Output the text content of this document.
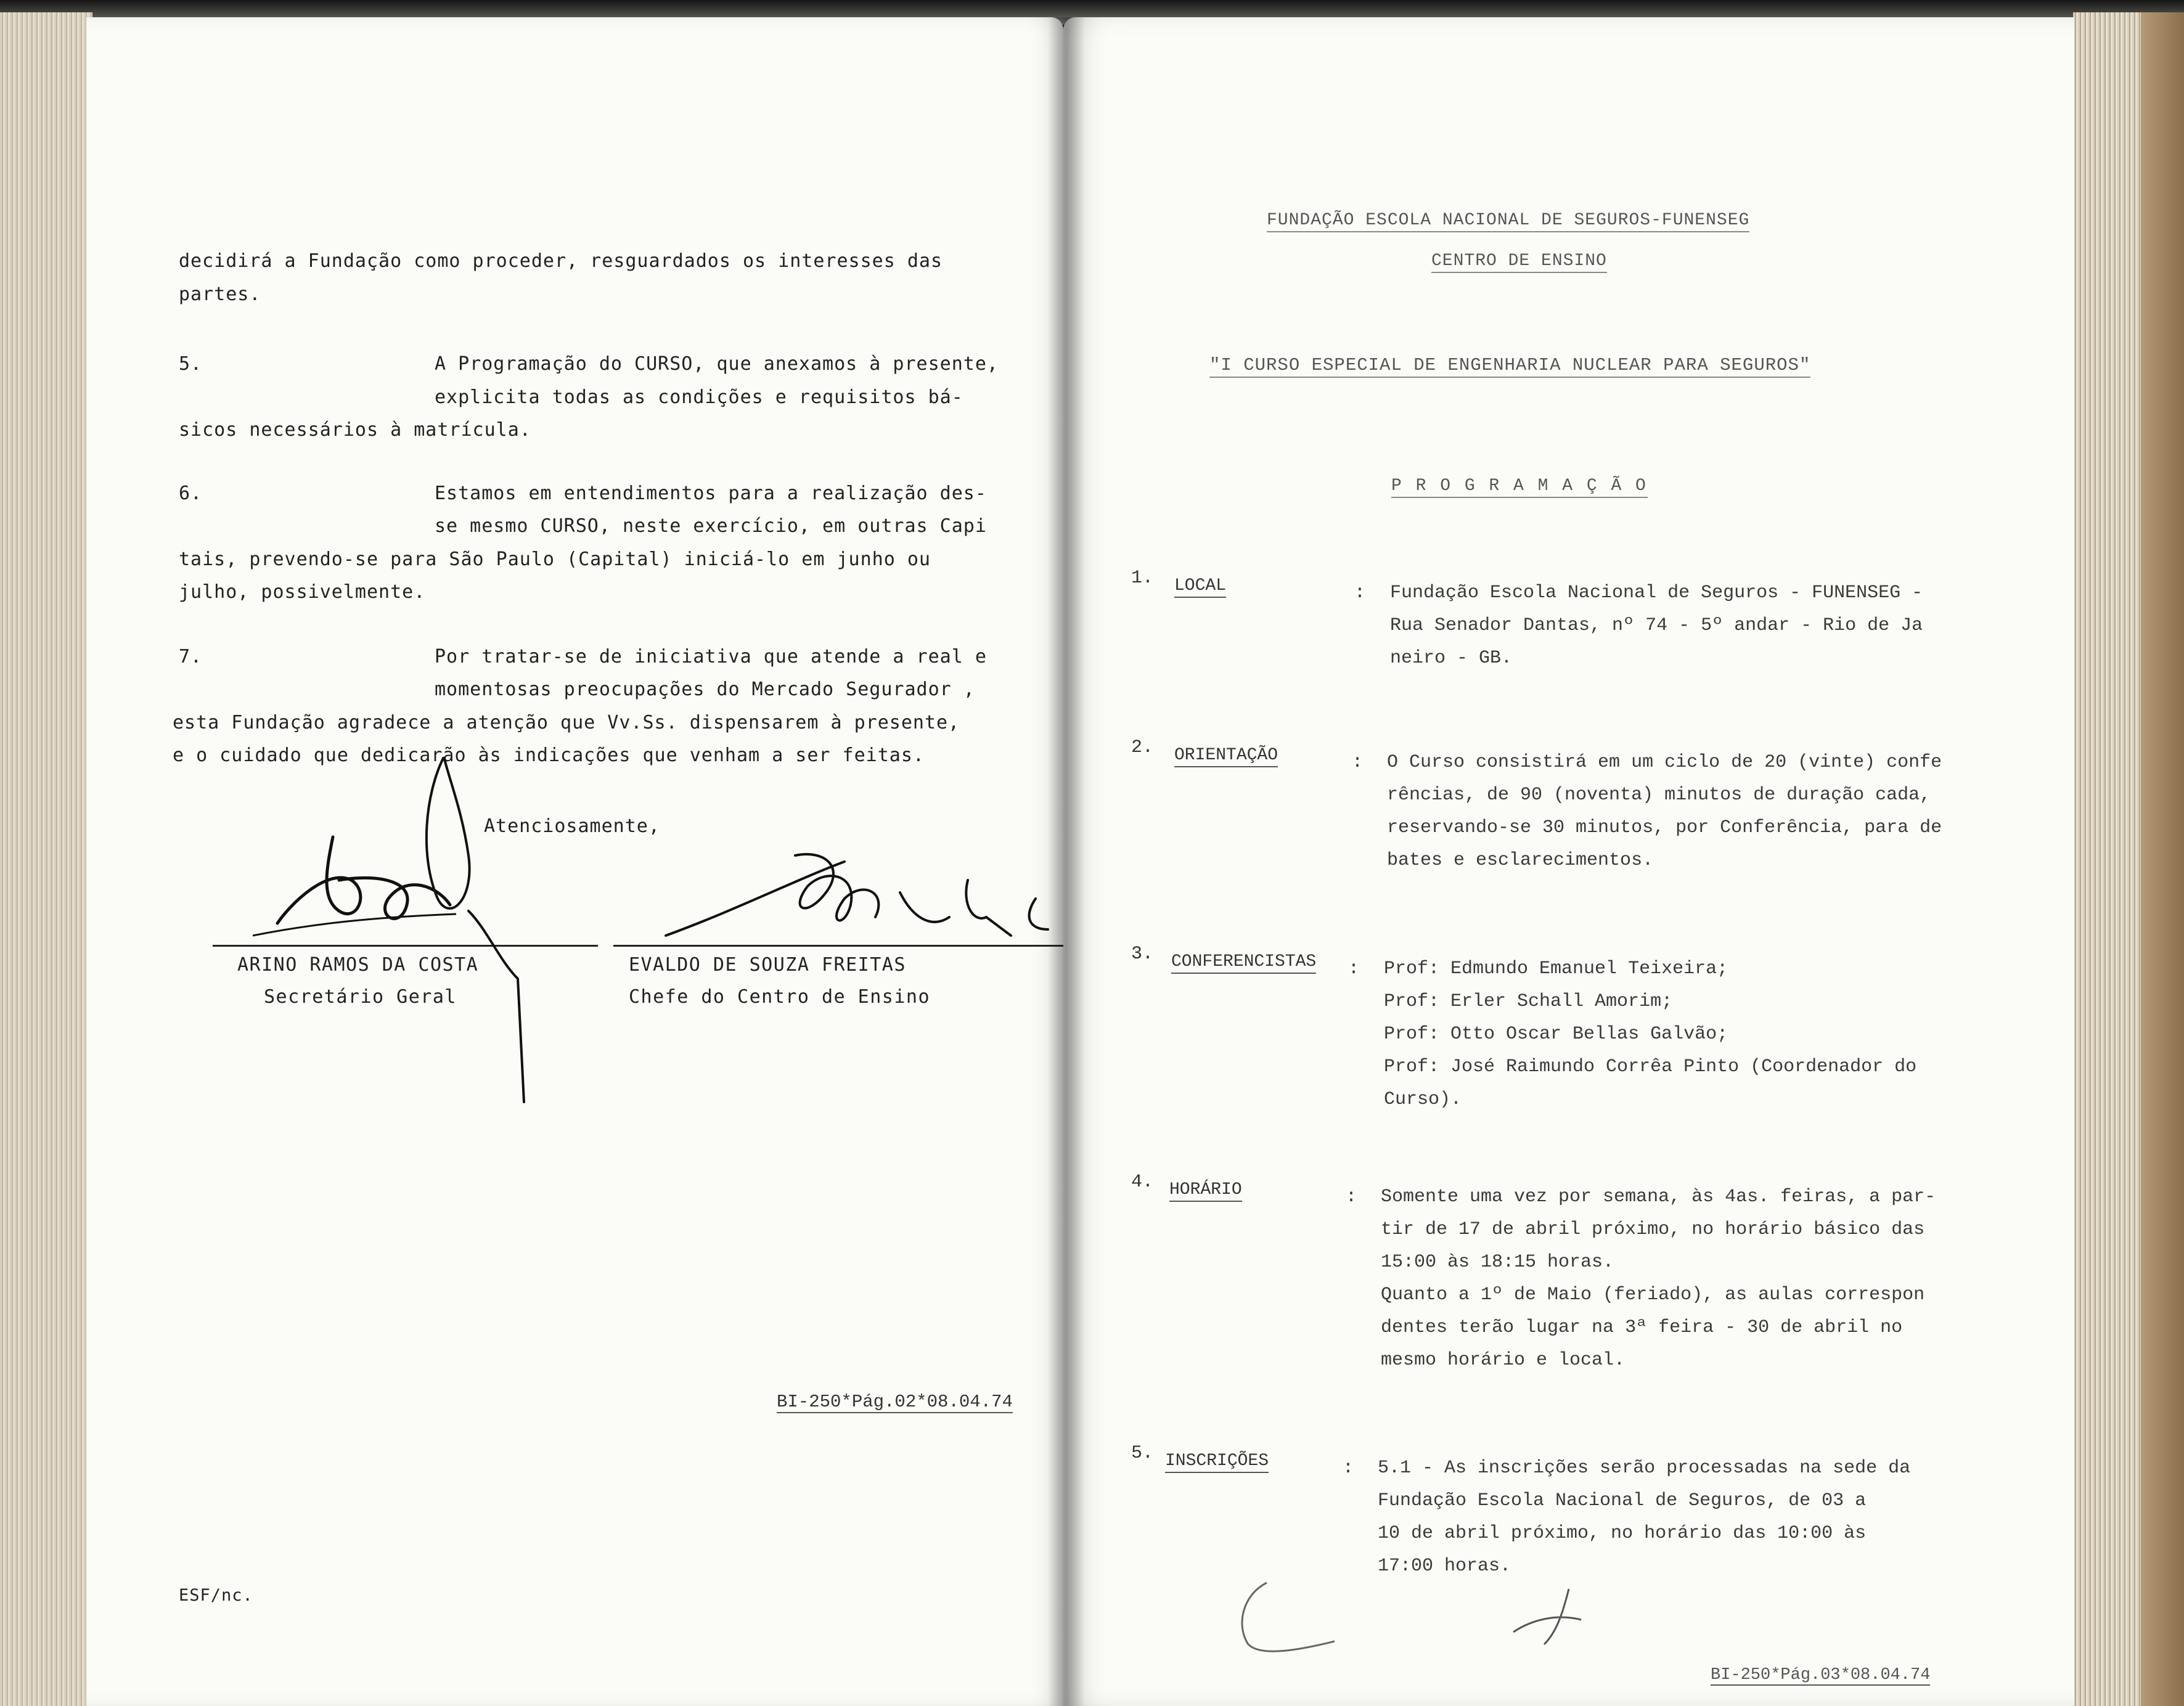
decidirá a Fundação como proceder, resguardados os interesses das
partes.
5.	A Programação do CURSO, que anexamos à presente,
explicita todas as condições e requisitos bá-
sicos necessários à matrícula.
6.	Estamos em entendimentos para a realização des-
se mesmo CURSO, neste exercício, em outras Capi
tais, prevendo-se para São Paulo (Capital) iniciá-lo em junho ou
julho, possivelmente.
7.	Por tratar-se de iniciativa que atende a real e
momentosas preocupações do Mercado Segurador ,
esta Fundação agradece a atenção que Vv.Ss. dispensarem à presente,
e o cuidado que dedicarão às indicações que venham a ser feitas.
Atenciosamente,
ARINO RAMOS DA COSTA
Secretário Geral
EVALDO DE SOUZA FREITAS
Chefe do Centro de Ensino
BI-250*Pág.02*08.04.74
ESF/nc.
FUNDAÇÃO ESCOLA NACIONAL DE SEGUROS-FUNENSEG
CENTRO DE ENSINO
"I CURSO ESPECIAL DE ENGENHARIA NUCLEAR PARA SEGUROS"
P R O G R A M A Ç Ã O
1. LOCAL	: Fundação Escola Nacional de Seguros - FUNENSEG -
Rua Senador Dantas, nº 74 - 5º andar - Rio de Ja
neiro - GB.
2. ORIENTAÇÃO	: O Curso consistirá em um ciclo de 20 (vinte) confe
rências, de 90 (noventa) minutos de duração cada,
reservando-se 30 minutos, por Conferência, para de
bates e esclarecimentos.
3. CONFERENCISTAS : Prof: Edmundo Emanuel Teixeira;
Prof: Erler Schall Amorim;
Prof: Otto Oscar Bellas Galvão;
Prof: José Raimundo Corrêa Pinto (Coordenador do
Curso).
4. HORÁRIO	: Somente uma vez por semana, às 4as. feiras, a par-
tir de 17 de abril próximo, no horário básico das
15:00 às 18:15 horas.
Quanto a 1º de Maio (feriado), as aulas correspon
dentes terão lugar na 3ª feira - 30 de abril no
mesmo horário e local.
5. INSCRIÇÕES	: 5.1 - As inscrições serão processadas na sede da
Fundação Escola Nacional de Seguros, de 03 a
10 de abril próximo, no horário das 10:00 às
17:00 horas.
BI-250*Pág.03*08.04.74
